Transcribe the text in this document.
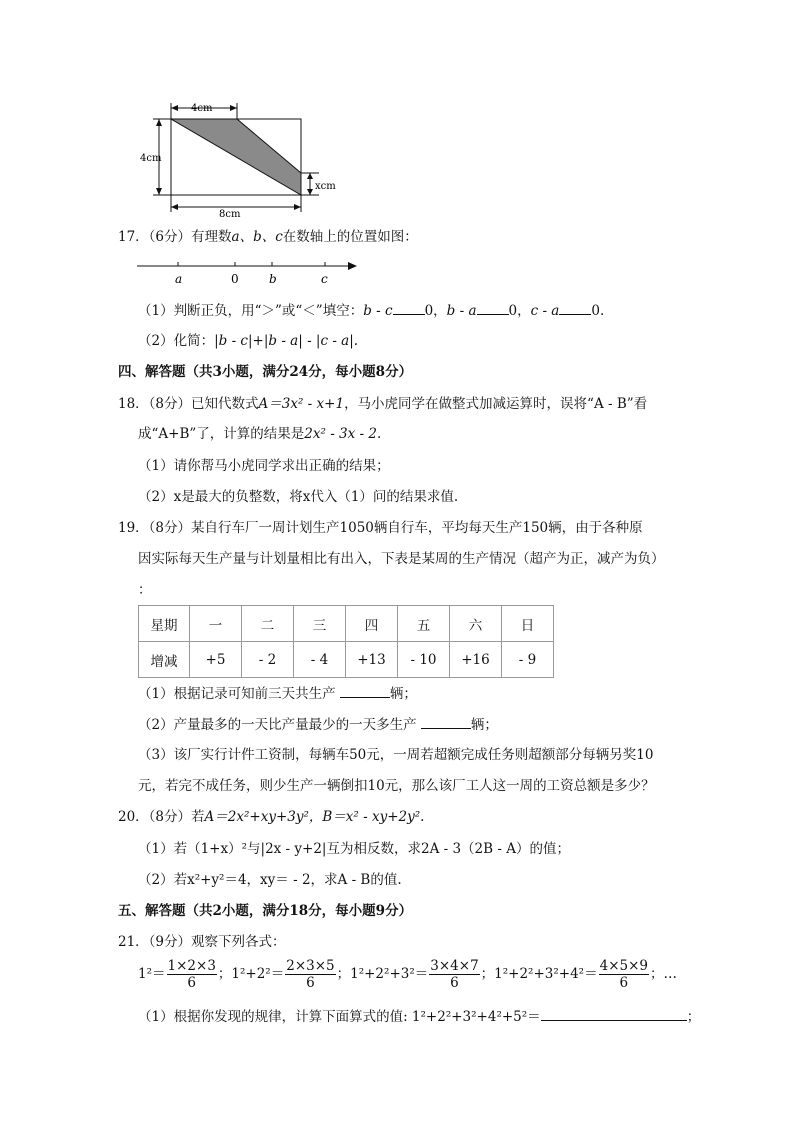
4cm
4cm
xcm
8cm
17．（6分）有理数a、b、c在数轴上的位置如图：
a	0	b	c
（1）判断正负，用“＞”或“＜”填空：b - c 0，b - a 0，c - a 0.
（2）化简：|b - c|+|b - a| - |c - a|.
四、解答题（共3小题，满分24分，每小题8分）
18．（8分）已知代数式A＝3x² - x+1，马小虎同学在做整式加减运算时，误将“A - B”看
成“A+B”了，计算的结果是2x² - 3x - 2.
（1）请你帮马小虎同学求出正确的结果；
（2）x是最大的负整数，将x代入（1）问的结果求值.
19．（8分）某自行车厂一周计划生产1050辆自行车，平均每天生产150辆，由于各种原
因实际每天生产量与计划量相比有出入，下表是某周的生产情况（超产为正，减产为负）
：
星期	一	二	三	四	五	六	日
增减	+5	- 2	- 4	+13	- 10	+16	- 9
（1）根据记录可知前三天共生产	辆；
（2）产量最多的一天比产量最少的一天多生产	辆；
（3）该厂实行计件工资制，每辆车50元，一周若超额完成任务则超额部分每辆另奖10
元，若完不成任务，则少生产一辆倒扣10元，那么该厂工人这一周的工资总额是多少？
20．（8分）若A＝2x²+xy+3y²，B＝x² - xy+2y².
（1）若（1+x）²与|2x - y+2|互为相反数，求2A - 3（2B - A）的值；
（2）若x²+y²＝4，xy＝ - 2，求A - B的值.
五、解答题（共2小题，满分18分，每小题9分）
21．（9分）观察下列各式：
$1^2= \frac{1\times 2\times 3}{6}$ ；$1^2+2^2= \frac{2\times 3\times 5}{6}$ ；$1^2+2^2+3^2= \frac{3\times 4\times 7}{6}$ ；$1^2+2^2+3^2+4^2= \frac{4\times 5\times 9}{6}$ ；…
（1）根据你发现的规律，计算下面算式的值: 1²+2²+3²+4²+5²＝	；
